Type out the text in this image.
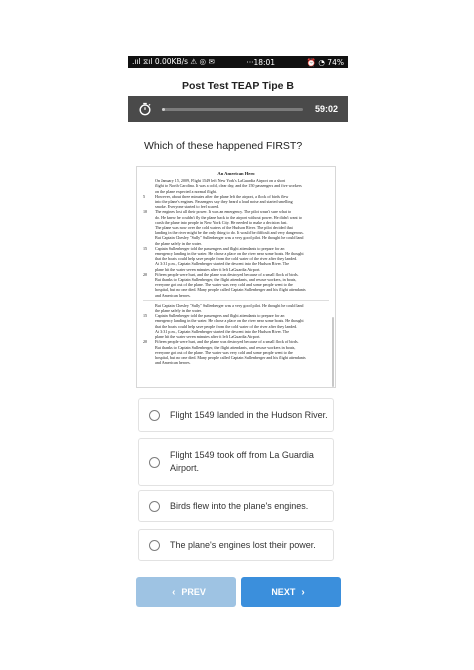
.ııl ⧖ıl 0.00KB/s ⚠ ◎ ✉	···18:01	⏰ ◔ 74%
Post Test TEAP Tipe B
59:02
Which of these happened FIRST?
An American Hero
On January 15, 2009, Flight 1549 left New York's LaGuardia Airport on a short
flight to North Carolina. It was a cold, clear day, and the 150 passengers and five workers
on the plane expected a normal flight.
5 However, about three minutes after the plane left the airport, a flock of birds flew
into the plane's engines. Passengers say they heard a loud noise and started smelling
smoke. Everyone started to feel scared.
10 The engines lost all their power. It was an emergency. The pilot wasn't sure what to
do. He knew he couldn't fly the plane back to the airport without power. He didn't want to
crash the plane into people in New York City. He needed to make a decision fast.
The plane was now over the cold waters of the Hudson River. The pilot decided that
landing in the river might be the only thing to do. It would be difficult and very dangerous.
But Captain Chesley "Sully" Sullenberger was a very good pilot. He thought he could land
the plane safely in the water.
15 Captain Sullenberger told the passengers and flight attendants to prepare for an
emergency landing in the water. He chose a place on the river near some boats. He thought
that the boats could help save people from the cold water of the river after they landed.
At 3:31 p.m., Captain Sullenberger started the descent into the Hudson River. The
plane hit the water seven minutes after it left LaGuardia Airport.
20 Fifteen people were hurt, and the plane was destroyed because of a small flock of birds.
But thanks to Captain Sullenberger, the flight attendants, and rescue workers, in boats,
everyone got out of the plane. The water was very cold and some people went to the
hospital, but no one died. Many people called Captain Sullenberger and his flight attendants
and American heroes.
But Captain Chesley "Sully" Sullenberger was a very good pilot. He thought he could land
the plane safely in the water.
15 Captain Sullenberger told the passengers and flight attendants to prepare for an
emergency landing in the water. He chose a place on the river near some boats. He thought
that the boats could help save people from the cold water of the river after they landed.
At 3:31 p.m., Captain Sullenberger started the descent into the Hudson River. The
plane hit the water seven minutes after it left LaGuardia Airport.
20 Fifteen people were hurt, and the plane was destroyed because of a small flock of birds.
But thanks to Captain Sullenberger, the flight attendants, and rescue workers in boats,
everyone got out of the plane. The water was very cold and some people went to the
hospital, but no one died. Many people called Captain Sullenberger and his flight attendants
and American heroes.
Flight 1549 landed in the Hudson River.
Flight 1549 took off from La Guardia Airport.
Birds flew into the plane's engines.
The plane's engines lost their power.
‹ PREV	NEXT ›
